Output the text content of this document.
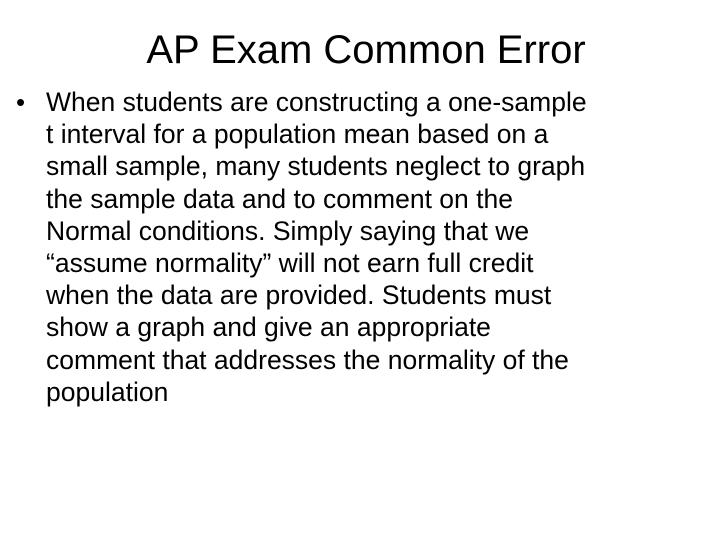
AP Exam Common Error
• When students are constructing a one-sample
t interval for a population mean based on a
small sample, many students neglect to graph
the sample data and to comment on the
Normal conditions. Simply saying that we
“assume normality” will not earn full credit
when the data are provided. Students must
show a graph and give an appropriate
comment that addresses the normality of the
population
